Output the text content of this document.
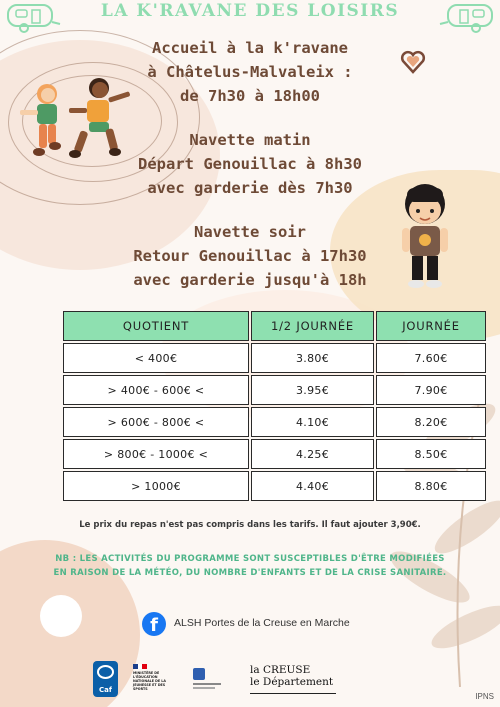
LA K'RAVANE DES LOISIRS
Accueil à la k'ravane
à Châtelus-Malvaleix :
de 7h30 à 18h00
Navette matin
Départ Genouillac à 8h30
avec garderie dès 7h30
Navette soir
Retour Genouillac à 17h30
avec garderie jusqu'à 18h
QUOTIENT	1/2 JOURNÉE	JOURNÉE
< 400€	3.80€	7.60€
> 400€ - 600€ <	3.95€	7.90€
> 600€ - 800€ <	4.10€	8.20€
> 800€ - 1000€ <	4.25€	8.50€
> 1000€	4.40€	8.80€
Le prix du repas n'est pas compris dans les tarifs. Il faut ajouter 3,90€.
NB : LES ACTIVITÉS DU PROGRAMME SONT SUSCEPTIBLES D'ÊTRE MODIFIÉES
EN RAISON DE LA MÉTÉO, DU NOMBRE D'ENFANTS ET DE LA CRISE SANITAIRE.
f	ALSH Portes de la Creuse en Marche
Caf
MINISTÈRE DE L'ÉDUCATION NATIONALE DE LA JEUNESSE ET DES SPORTS
la CREUSE
le Département
IPNS
